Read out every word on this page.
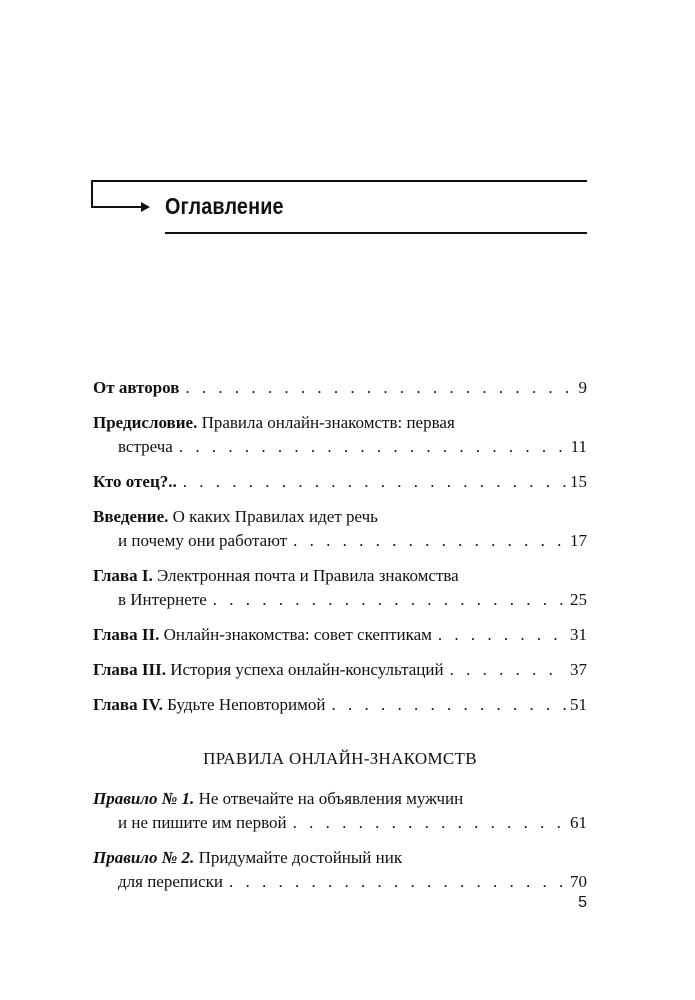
Оглавление
От авторов . . .	9
Предисловие. Правила онлайн-знакомств: первая
встреча . . .	11
Кто отец?.. . . .	15
Введение. О каких Правилах идет речь
и почему они работают . . .	17
Глава I. Электронная почта и Правила знакомства
в Интернете . . .	25
Глава II. Онлайн-знакомства: совет скептикам . . .	31
Глава III. История успеха онлайн-консультаций . . .	37
Глава IV. Будьте Неповторимой . . .	51
ПРАВИЛА ОНЛАЙН-ЗНАКОМСТВ
Правило № 1. Не отвечайте на объявления мужчин
и не пишите им первой . . .	61
Правило № 2. Придумайте достойный ник
для переписки . . .	70
5
